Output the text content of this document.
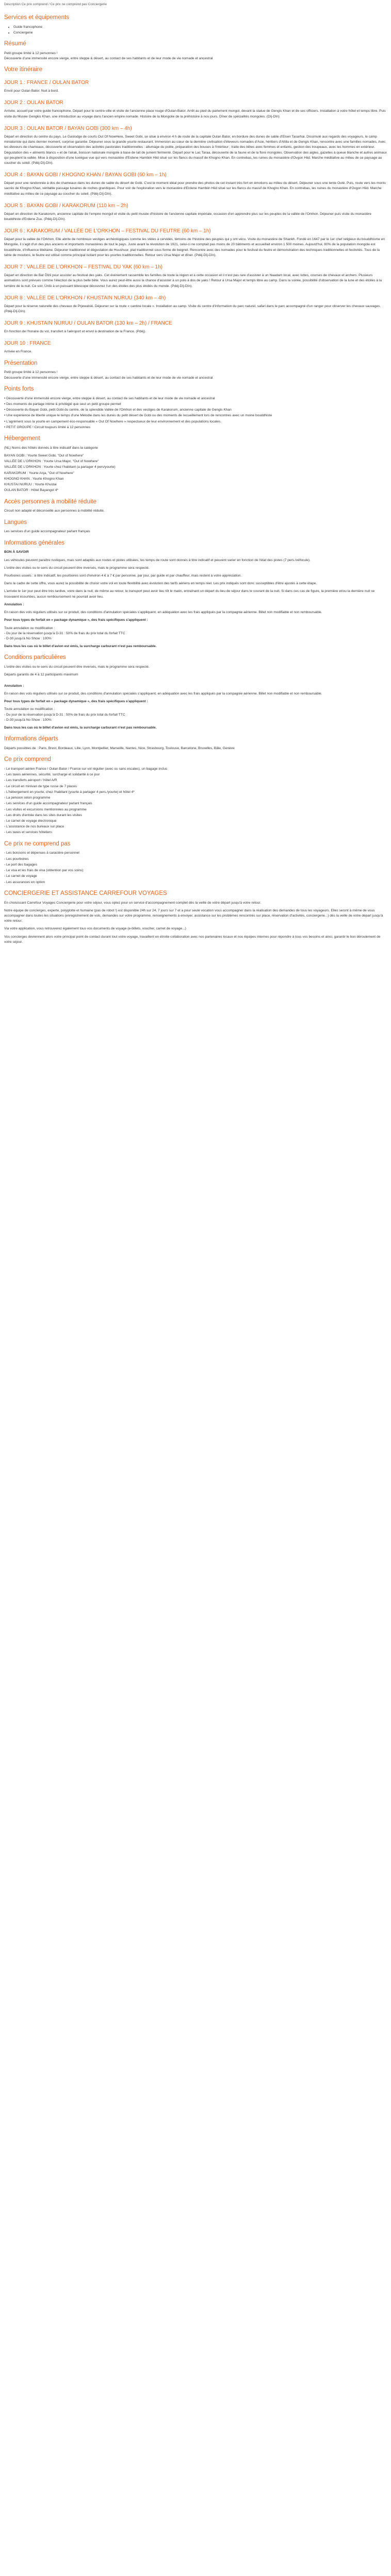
Description Ce prix comprend / Ce prix ne comprend pas Conciergerie

Services et équipements
• Guide francophone
• Conciergerie
Résumé

Petit groupe limité à 12 personnes !
Découverte d'une immensité encore vierge, entre steppe & désert, au contact de ses habitants et de leur mode de vie nomade et ancestral

Votre itinéraire
JOUR 1 : FRANCE / OULAN BATOR

Envol pour Oulan Bator. Nuit à bord.

JOUR 2 : OULAN BATOR

Arrivée, accueil par votre guide francophone. Départ pour le centre-ville et visite de l'ancienne place rouge d'Oulan-Bator. Arrêt au pied du parlement mongol, devant la statue de Gengis Khan et de ses officiers. Installation à votre hôtel et temps libre. Puis visite du Musée Gengkis Khan, une introduction au voyage dans l'ancien empire nomade. Histoire de la Mongolie de la préhistoire à nos jours. Dîner de spécialités mongoles. (Dîj-Dîn)

JOUR 3 : OULAN BATOR / BAYAN GOBI (300 km – 4h)

Départ en direction du centre du pays. Le Gaslodge de courts Out Of NowHere, Sweet Gobi, se situe à environ 4 h de route de la capitale Oulan Bator, en bordure des dunes de sable d'Elsen Tasarhai. Dissimulé aux regards des voyageurs, le camp miniaturiste qui dans dernier moment, surprise garantie. Déjeuner sous la grande yourte restaurant. Immersion au cœur de la dernière civilisation d'éleveurs nomades d'Asie, héritiers d'Attila et de Gengis Khan, rencontre avec une familles nomades. Avec les éleveurs de chameaux, découverte et observation des activités pastorales traditionnelles : allumage du poêle, préparation des bouses à l'intérieur ; traite des bêtes avec femmes et enfants, gestion des troupeaux, avec les hommes en extérieur. Dégustation des « aliments blancs » et de l'airak, boisson nationale mongole à base de lait de jument fermenté. Départ pour le Lac Taraa, découverte de la faune et de la flore mongoles. Observation des aigles, gazelles à queue blanche et autres animaux qui peuplent la vallée. Mise à disposition d'une luxiègue vue qui vers monastère d'Erdene Hambiin Hiid situé sur les flancs du massif de Khogno Khan. En contrebas, les ruines du monastère d'Ovgon Hiid. Marche méditative au milieu de ce paysage au coucher du soleil. (Pdéj-Dîj-Dîn).

JOUR 4 : BAYAN GOBI / KHOGNO KHAN / BAYAN GOBI (60 km – 1h)

Départ pour une randonnée à dos de chameaux dans les dunes de sable du désert de Gobi. C'est le moment idéal pour prendre des photos de cet instant très fort en émotions au milieu du désert. Déjeuner sous une tente Outé. Puis, route vers les monts sacrés de Khogno Khan, véritable passage lunaires de roches granitiques. Pour voir de l'exploration vers le monastère d'Erdene Hambiin Hiid situé sur les flancs du massif de Khogno Khan. En contrebas, les ruines du monastère d'Ovgon Hiid. Marche méditative au milieu de ce paysage au coucher du soleil. (Pdéj-Dîj-Dîn).

JOUR 5 : BAYAN GOBI / KARAKORUM (110 km – 2h)

Départ en direction de Karakorum, ancienne capitale de l'empire mongol et visite du petit musée d'histoire de l'ancienne capitale impériale, occasion d'en apprendre plus sur les peuples de la vallée de l'Orkhon. Déjeuner puis visite du monastère bouddhiste d'Erdene Zuu. (Pdéj-Dîj-Dîn).

JOUR 6 : KARAKORUM / VALLÉE DE L'ORKHON – FESTIVAL DU FEUTRE (60 km – 1h)

Départ pour la vallée de l'Orkhon. Elle abrite de nombreux vestiges archéologiques comme les stèles à cervidés, témoins de l'histoire des peuples qui y ont vécu. Visite du monastère de Shankh. Fondé en 1647 par le 1er chef religieux du bouddhisme en Mongolie, il s'agit d'un des plus anciens et importants monastères de tout le pays. Juste avant la révolution de 1921, celui-ci ne comptait pas moins de 20 bâtiments et accueillait environ 1 500 moines. Aujourd'hui, 80% de la population mongole est bouddhiste, d'influence tibétaine. Déjeuner traditionnel et dégustation de Huushuur, plat traditionnel sous forme de beignet. Rencontre avec des nomades pour le festival du feutre et démonstration des techniques traditionnelles et festivités. Tous de la tatrie de moutons, le feutre est utilisé comme principal isolant pour les yourtes traditionnelles. Retour vers Ursa Major et dîner. (Pdéj-Dîj-Dîn).

JOUR 7 : VALLÉE DE L'ORKHON – FESTIVAL DU YAK (60 km – 1h)

Départ en direction de Bat Ölzii pour assister au festival des yaks. Cet événement rassemble les familles de toute la région et a cette occasion et il n'est pas rare d'assister à un Naadam local, avec luttes, courses de chevaux et archers. Plusieurs animations sont prévues comme l'élection de la plus belle bête. Vous aurez peut-être aussi la chance d'assister à un polo à dos de yaks ! Retour à Ursa Major et temps libre au camp. Dans la soirée, possibilité d'observation de la lune et des étoiles à la lumière de la nuit. Ce soir, Ürdù à un puissant télescope découvrez l'un des étoiles des plus étoilés du monde. (Pdéj-Dîj-Dîn).

JOUR 8 : VALLÉE DE L'ORKHON / KHUSTAIN NURUU (340 km – 4h)

Départ pour la réserve naturelle des chevaux de Prjewalski. Déjeuner sur la route « cantine locale ». Installation au camp. Visite du centre d'information du parc naturel, safari dans le parc accompagné d'un ranger pour observer les chevaux sauvages. (Pdéj-Dîj-Dîn).

JOUR 9 : KHUSTAIN NURUU / OULAN BATOR (130 km – 2h) / FRANCE

En fonction de l'horaire du vol, transfert à l'aéroport et envol à destination de la France. (Pdéj).

JOUR 10 : FRANCE

Arrivée en France.

Présentation

Petit groupe limité à 12 personnes !
Découverte d'une immensité encore vierge, entre steppe & désert, au contact de ses habitants et de leur mode de vie nomade et ancestral

Points forts
• Découverte d'une immensité encore vierge, entre steppe & désert, au contact de ses habitants et de leur mode de vie nomade et ancestral
• Des moments de partage intime & privilégié que seul un petit groupe permet
• Découverte du Bayan Gobi, petit Gobi du centre, de la splendide Vallée de l'Orkhon et des vestiges de Karakorum, ancienne capitale de Gengis Khan
• Une expérience de liberté unique le temps d'une Mélodie dans les dunes du petit désert de Gobi ou des moments de recueillement lors de rencontres avec un moine bouddhiste
• L'agrément sous la yourte en campement éco-responsable « Out Of Nowhere » respectueux de leur environnement et des populations locales.
• PETIT GROUPE ! Circuit toujours limité à 12 personnes
Hébergement

(NL) Noms des hôtels donnés à titre indicatif dans la catégorie

BAYAN GOBI : Yourte Sweet Gobi, "Out of Nowhere"
VALLÉE DE L'ORKHON : Yourte Ursa Major, "Out of Nowhere"
VALLÉE DE L'ORKHON : Yourte chez l'habitant (a partager 4 pers/yourte)
KARAKORUM : Yourte Anja, "Out of Nowhere"
KHOGNO KHAN : Yourte Khogno Khan
KHUSTAI NURUU : Yourte Khustai
OULAN BATOR : Hôtel Bayangol 4*
Accès personnes à mobilité réduite

Circuit non adapté et déconseillé aux personnes à mobilité réduite.

Langues

Les services d'un guide accompagnateur parlant français

Informations générales

BON À SAVOIR

Les véhicules peuvent paraître rustiques, mais sont adaptés aux routes et pistes utilisées, les temps de route sont donnés à titre indicatif et peuvent varier en fonction de l'état des pistes (7 pers./véhicule).

L'ordre des visites ou le sens du circuit peuvent être inversés, mais le programme sera respecté.

Pourboires usuels : à titre indicatif, les pourboires sont d'environ 4 € à 7 € par personne, par jour, par guide et par chauffeur, mais restent à votre appréciation.

Dans le cadre de cette offre, vous aurez la possibilité de choisir votre vol en toute flexibilité avec évolution des tarifs aériens en temps réel. Les prix indiqués sont donc susceptibles d'être ajustés à cette étape.

L'arrivée le 1er jour peut être très tardive, voire dans la nuit, de même au retour, le transport peut avoir lieu tôt le matin, entraînant un départ du lieu de séjour dans le courant de la nuit. Si dans ces cas de figure, la première et/ou la dernière nuit se trouvaient écourtées, aucun remboursement ne pourrait avoir lieu.

Annulation :

En raison des vols réguliers utilisés sur ce produit, des conditions d'annulation spéciales s'appliquent, en adéquation avec les frais appliqués par la compagnie aérienne. Billet non modifiable et non remboursable.

Pour tous types de forfait en « package dynamique », des frais spécifiques s'appliquent :

Toute annulation ou modification :
- Du jour de la réservation jusqu'à D-31 : 50% de frais du prix total du forfait TTC
- D-30 jusqu'à No Show : 100%

Dans tous les cas où le billet d'avion est émis, la surcharge carburant n'est pas remboursable.

Conditions particulières

L'ordre des visites ou le sens du circuit peuvent être inversés, mais le programme sera respecté.

Départs garantis de 4 à 12 participants maximum

Annulation :

En raison des vols réguliers utilisés sur ce produit, des conditions d'annulation spéciales s'appliquent, en adéquation avec les frais appliqués par la compagnie aérienne. Billet non modifiable et non remboursable.

Pour tous types de forfait en « package dynamique », des frais spécifiques s'appliquent :

Toute annulation ou modification :
- Du jour de la réservation jusqu'à D-31 : 50% de frais du prix total du forfait TTC
- D-30 jusqu'à No Show : 100%

Dans tous les cas où le billet d'avion est émis, la surcharge carburant n'est pas remboursable.

Informations départs

Départs possibles de : Paris, Brest, Bordeaux, Lille, Lyon, Montpellier, Marseille, Nantes, Nice, Strasbourg, Toulouse, Barcelone, Bruxelles, Bâle, Genève

Ce prix comprend
- Le transport aérien France / Oulan Bator / France sur vol régulier (avec ou sans escales), un bagage inclus
- Les taxes aériennes, sécurité, surcharge et solidarité à ce jour
- Les transferts aéroport / hôtel A/R
- Le circuit en minivan de type russe de 7 places
- L'hébergement en yourte, chez l'habitant (yourte à partager 4 pers./yourte) et hôtel 4*
- La pension selon programme
- Les services d'un guide accompagnateur parlant français
- Les visites et excursions mentionnées au programme
- Les droits d'entrée dans les sites durant les visites
- Le carnet de voyage électronique
- L'assistance de nos bureaux sur place
- Les taxes et services hôteliers.
Ce prix ne comprend pas
- Les boissons et dépenses à caractère personnel
- Les pourboires
- Le port des bagages
- Le visa et les frais de visa (obtention par vos soins)
- Le carnet de voyage
- Les assurances en option
CONCIERGERIE ET ASSISTANCE CARREFOUR VOYAGES

En choisissant Carrefour Voyages Conciergerie pour votre séjour, vous optez pour un service d'accompagnement complet dès la veille de votre départ jusqu'à votre retour.

Notre équipe de concierges, experte, polyglotte et humaine (pas de robot !) est disponible 24h sur 24, 7 jours sur 7 et a pour seule vocation vous accompagner dans la réalisation des demandes de tous les voyageurs. Elles seront à même de vous accompagner dans toutes les situations (enregistrement de vols, demandes sur votre programme, renseignements à envoyer, assistance sur les problèmes rencontrés sur place, réservation d'activités, conciergerie...) dès la veille de votre départ jusqu'à votre retour.

Via votre application, vous retrouverez également tous vos documents de voyage (e-billets, voucher, carnet de voyage...)

Vos concierges deviennent alors votre principal point de contact durant tout votre voyage, travaillent en étroite collaboration avec nos partenaires locaux et nos équipes internes pour répondre à tous vos besoins et ainsi, garantir le bon déroulement de votre séjour.
